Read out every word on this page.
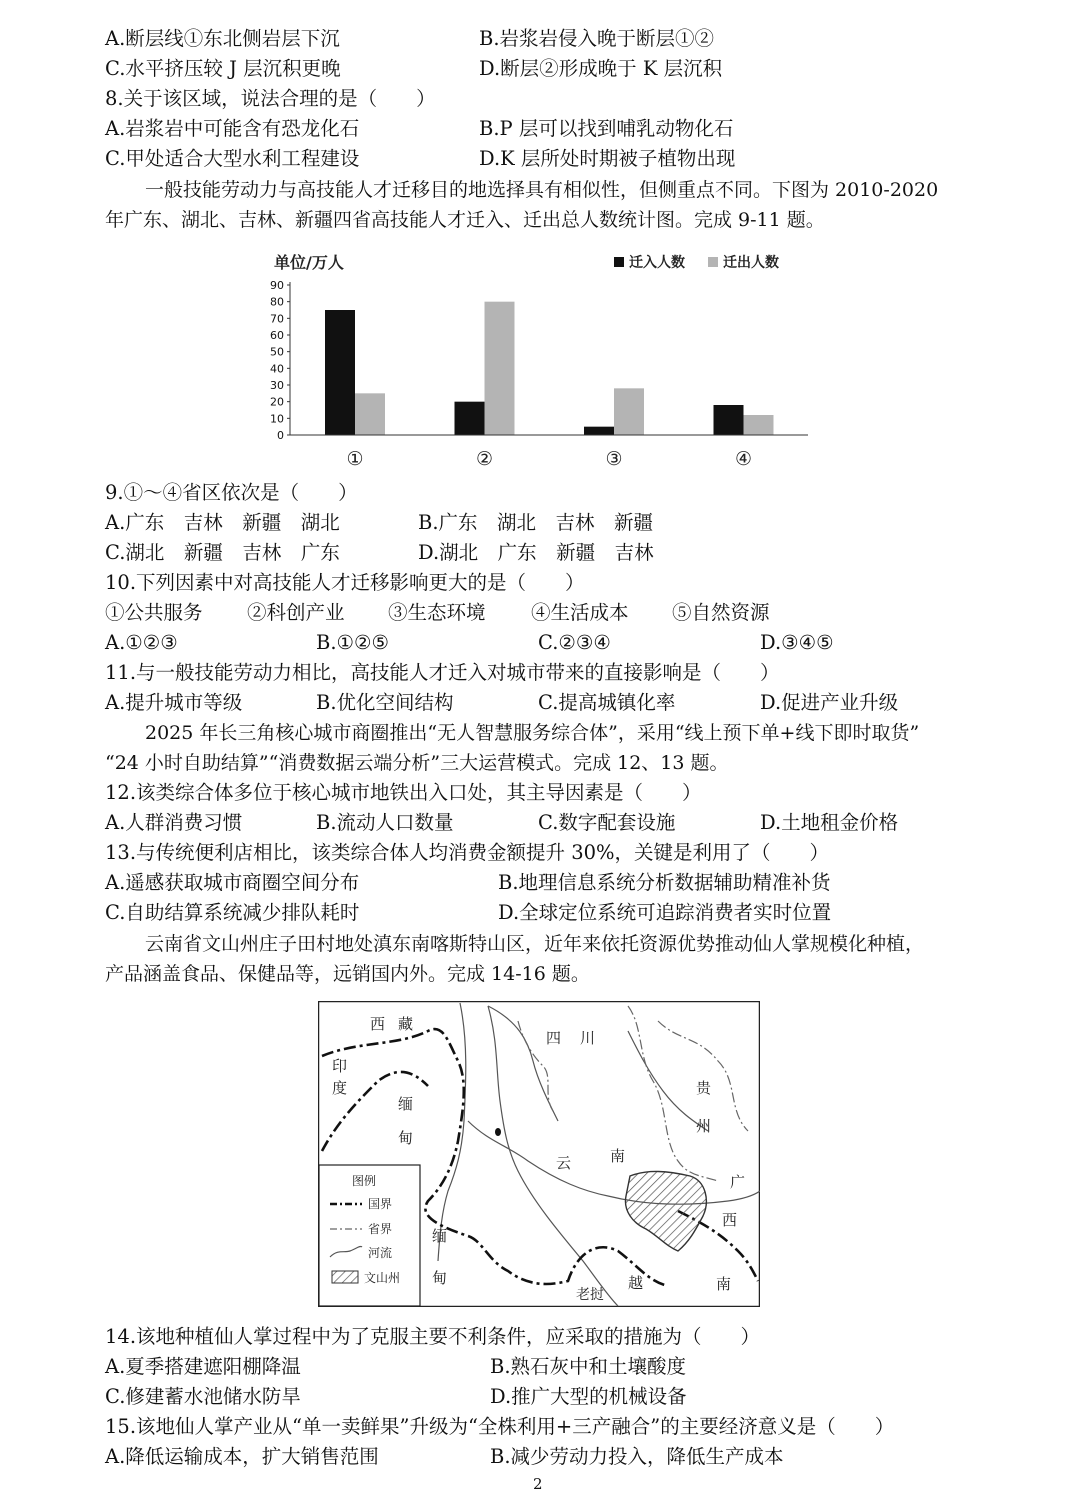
A.断层线①东北侧岩层下沉	B.岩浆岩侵入晚于断层①②
C.水平挤压较 J 层沉积更晚	D.断层②形成晚于 K 层沉积
8.关于该区域，说法合理的是（　　）
A.岩浆岩中可能含有恐龙化石	B.P 层可以找到哺乳动物化石
C.甲处适合大型水利工程建设	D.K 层所处时期被子植物出现
一般技能劳动力与高技能人才迁移目的地选择具有相似性，但侧重点不同。下图为 2010-2020
年广东、湖北、吉林、新疆四省高技能人才迁入、迁出总人数统计图。完成 9-11 题。
单位/万人	迁入人数	迁出人数
0
10
20
30
40
50
60
70
80
90
①	②	③	④
9.①～④省区依次是（　　）
A.广东　吉林　新疆　湖北	B.广东　湖北　吉林　新疆
C.湖北　新疆　吉林　广东	D.湖北　广东　新疆　吉林
10.下列因素中对高技能人才迁移影响更大的是（　　）
①公共服务 ②科创产业 ③生态环境 ④生活成本 ⑤自然资源
A.①②③	B.①②⑤	C.②③④	D.③④⑤
11.与一般技能劳动力相比，高技能人才迁入对城市带来的直接影响是（　　）
A.提升城市等级	B.优化空间结构	C.提高城镇化率	D.促进产业升级
2025 年长三角核心城市商圈推出“无人智慧服务综合体”，采用“线上预下单+线下即时取货”
“24 小时自助结算”“消费数据云端分析”三大运营模式。完成 12、13 题。
12.该类综合体多位于核心城市地铁出入口处，其主导因素是（　　）
A.人群消费习惯	B.流动人口数量	C.数字配套设施	D.土地租金价格
13.与传统便利店相比，该类综合体人均消费金额提升 30%，关键是利用了（　　）
A.遥感获取城市商圈空间分布	B.地理信息系统分析数据辅助精准补货
C.自助结算系统减少排队耗时	D.全球定位系统可追踪消费者实时位置
云南省文山州庄子田村地处滇东南喀斯特山区，近年来依托资源优势推动仙人掌规模化种植，
产品涵盖食品、保健品等，远销国内外。完成 14-16 题。
西 藏
四 川
印
度
缅
甸
贵
州
云	南
广
西
南
缅
甸	越
老挝
图例
国界
省界
河流
文山州
14.该地种植仙人掌过程中为了克服主要不利条件，应采取的措施为（　　）
A.夏季搭建遮阳棚降温	B.熟石灰中和土壤酸度
C.修建蓄水池储水防旱	D.推广大型的机械设备
15.该地仙人掌产业从“单一卖鲜果”升级为“全株利用+三产融合”的主要经济意义是（　　）
A.降低运输成本，扩大销售范围	B.减少劳动力投入，降低生产成本
2
